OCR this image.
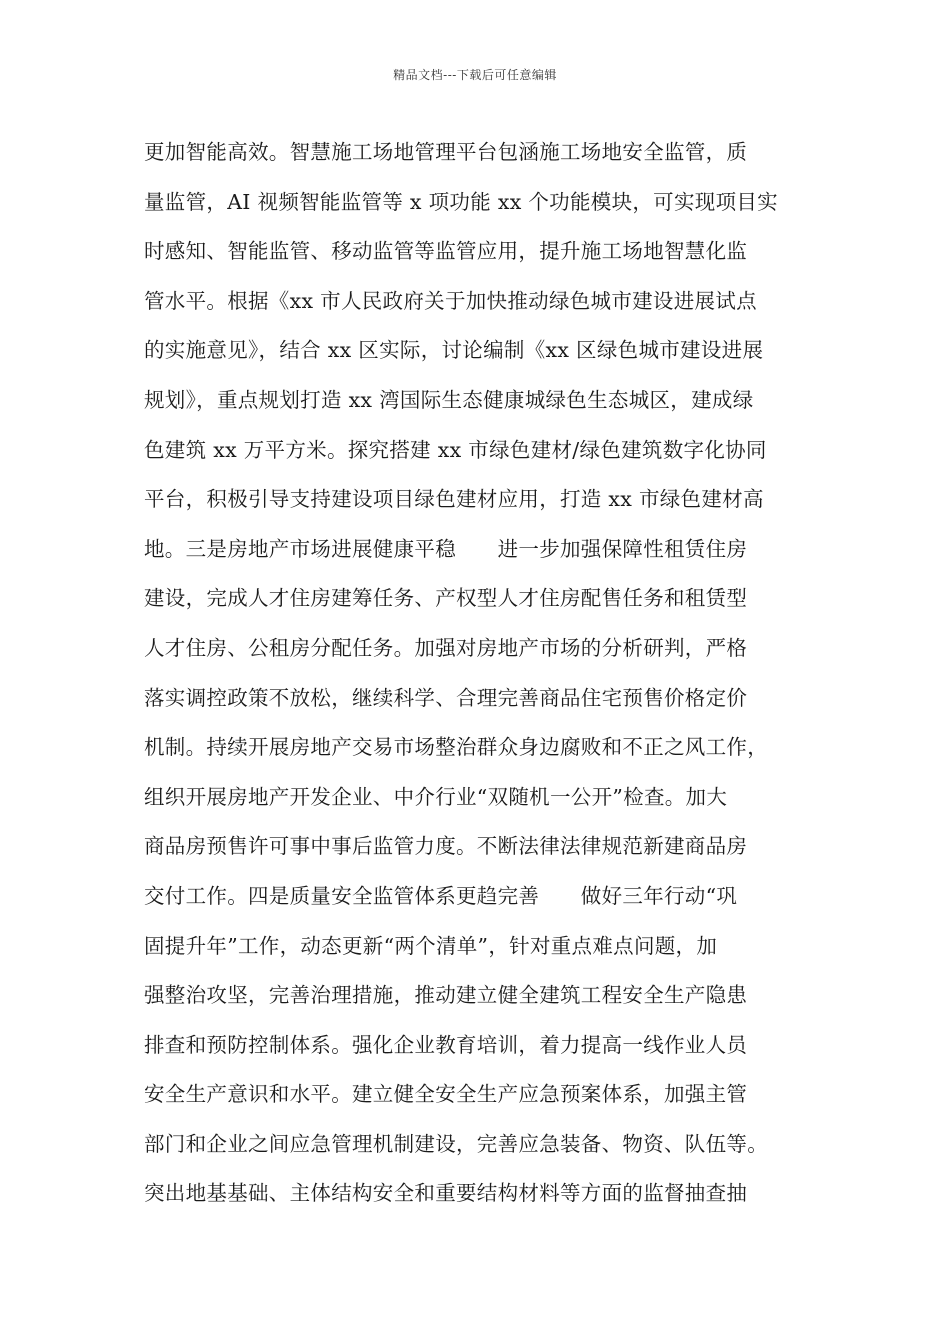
精品文档---下载后可任意编辑
更加智能高效。智慧施工场地管理平台包涵施工场地安全监管，质
量监管，AI 视频智能监管等 x 项功能 xx 个功能模块，可实现项目实
时感知、智能监管、移动监管等监管应用，提升施工场地智慧化监
管水平。根据《xx 市人民政府关于加快推动绿色城市建设进展试点
的实施意见》，结合 xx 区实际，讨论编制《xx 区绿色城市建设进展
规划》，重点规划打造 xx 湾国际生态健康城绿色生态城区，建成绿
色建筑 xx 万平方米。探究搭建 xx 市绿色建材/绿色建筑数字化协同
平台，积极引导支持建设项目绿色建材应用，打造 xx 市绿色建材高
地。三是房地产市场进展健康平稳　　进一步加强保障性租赁住房
建设，完成人才住房建筹任务、产权型人才住房配售任务和租赁型
人才住房、公租房分配任务。加强对房地产市场的分析研判，严格
落实调控政策不放松，继续科学、合理完善商品住宅预售价格定价
机制。持续开展房地产交易市场整治群众身边腐败和不正之风工作，
组织开展房地产开发企业、中介行业“双随机一公开”检查。加大
商品房预售许可事中事后监管力度。不断法律法律规范新建商品房
交付工作。四是质量安全监管体系更趋完善　　做好三年行动“巩
固提升年”工作，动态更新“两个清单”，针对重点难点问题，加
强整治攻坚，完善治理措施，推动建立健全建筑工程安全生产隐患
排查和预防控制体系。强化企业教育培训，着力提高一线作业人员
安全生产意识和水平。建立健全安全生产应急预案体系，加强主管
部门和企业之间应急管理机制建设，完善应急装备、物资、队伍等。
突出地基基础、主体结构安全和重要结构材料等方面的监督抽查抽
